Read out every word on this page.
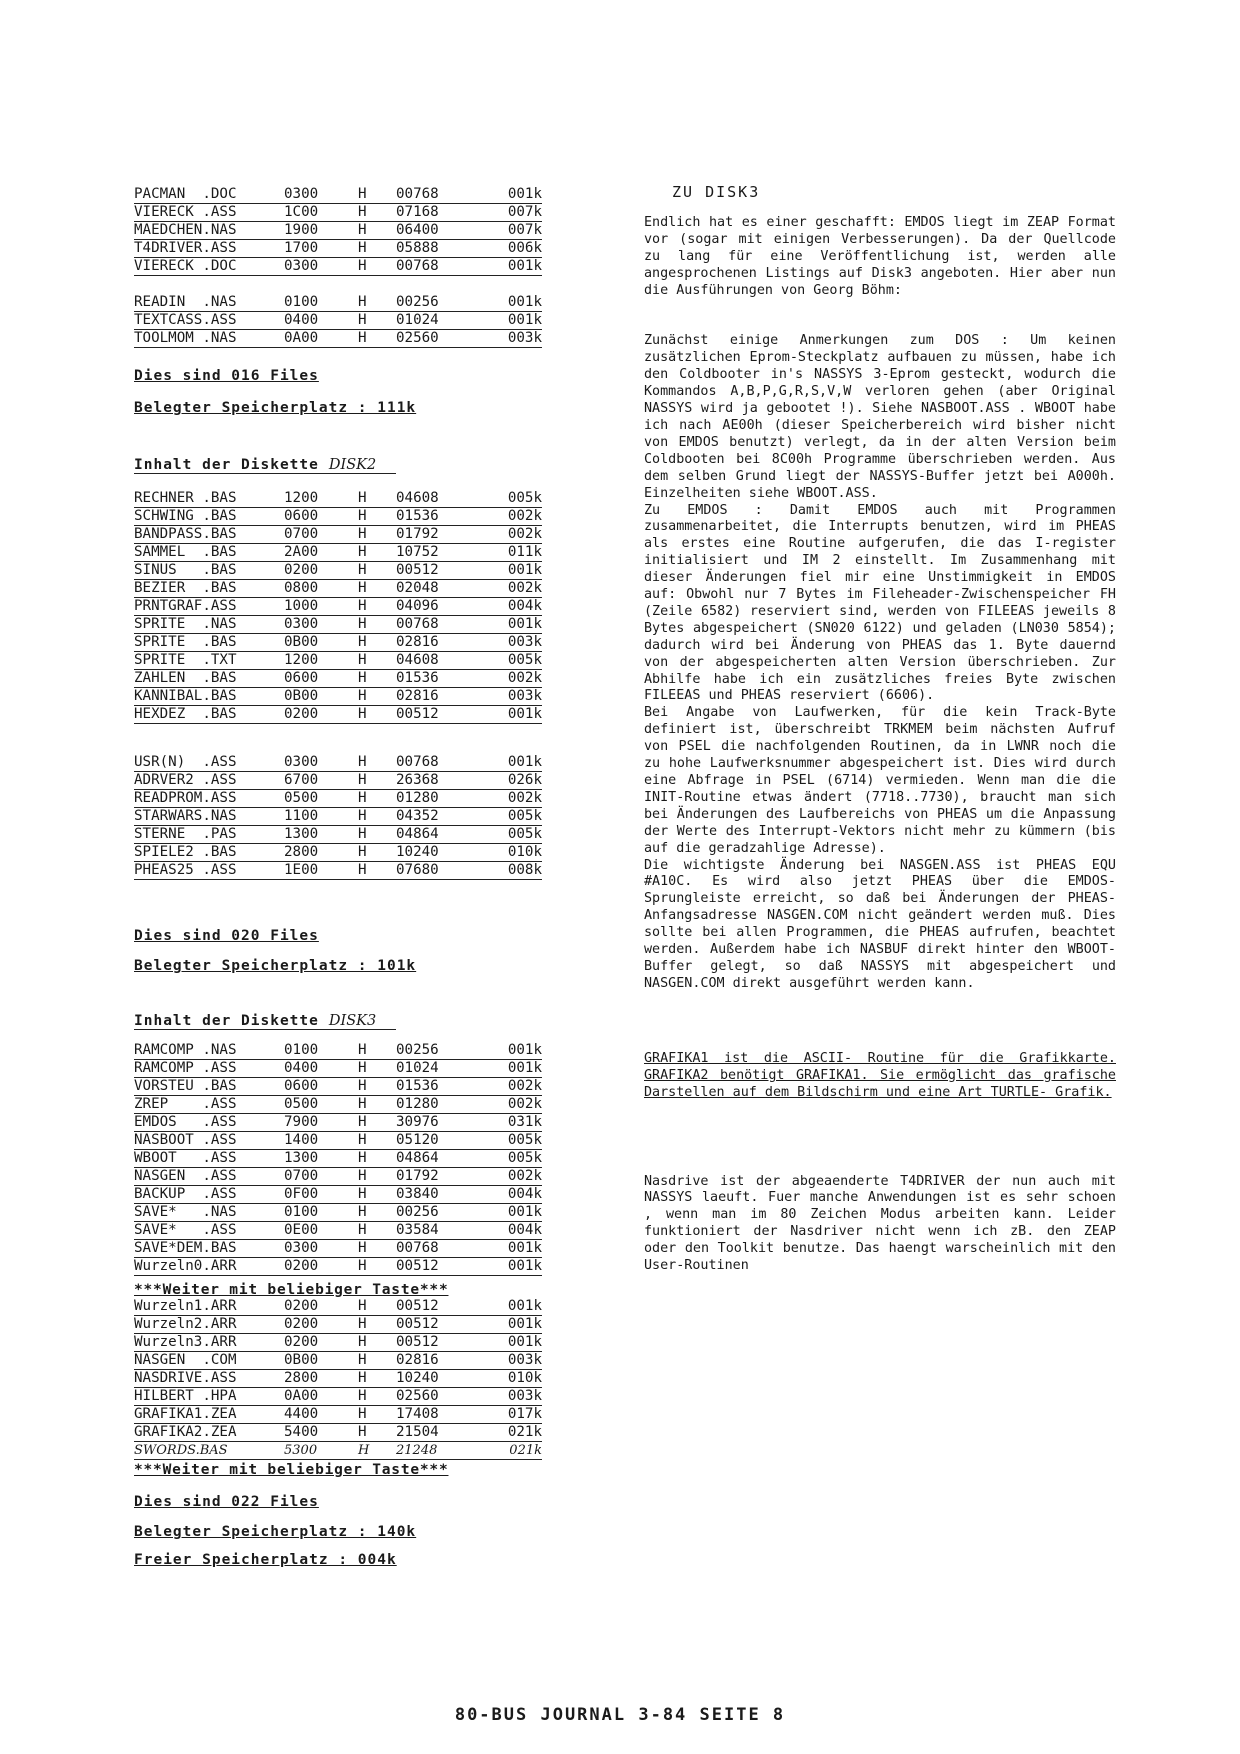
PACMAN  .DOC	0300	H	00768	001k
VIERECK .ASS	1C00	H	07168	007k
MAEDCHEN.NAS	1900	H	06400	007k
T4DRIVER.ASS	1700	H	05888	006k
VIERECK .DOC	0300	H	00768	001k
READIN  .NAS	0100	H	00256	001k
TEXTCASS.ASS	0400	H	01024	001k
TOOLMOM .NAS	0A00	H	02560	003k

Dies sind 016 Files

Belegter Speicherplatz : 111k

Inhalt der Diskette DISK2

RECHNER .BAS	1200	H	04608	005k
SCHWING .BAS	0600	H	01536	002k
BANDPASS.BAS	0700	H	01792	002k
SAMMEL  .BAS	2A00	H	10752	011k
SINUS   .BAS	0200	H	00512	001k
BEZIER  .BAS	0800	H	02048	002k
PRNTGRAF.ASS	1000	H	04096	004k
SPRITE  .NAS	0300	H	00768	001k
SPRITE  .BAS	0B00	H	02816	003k
SPRITE  .TXT	1200	H	04608	005k
ZAHLEN  .BAS	0600	H	01536	002k
KANNIBAL.BAS	0B00	H	02816	003k
HEXDEZ  .BAS	0200	H	00512	001k
USR(N)  .ASS	0300	H	00768	001k
ADRVER2 .ASS	6700	H	26368	026k
READPROM.ASS	0500	H	01280	002k
STARWARS.NAS	1100	H	04352	005k
STERNE  .PAS	1300	H	04864	005k
SPIELE2 .BAS	2800	H	10240	010k
PHEAS25 .ASS	1E00	H	07680	008k

Dies sind 020 Files

Belegter Speicherplatz : 101k

Inhalt der Diskette DISK3

RAMCOMP .NAS	0100	H	00256	001k
RAMCOMP .ASS	0400	H	01024	001k
VORSTEU .BAS	0600	H	01536	002k
ZREP    .ASS	0500	H	01280	002k
EMDOS   .ASS	7900	H	30976	031k
NASBOOT .ASS	1400	H	05120	005k
WBOOT   .ASS	1300	H	04864	005k
NASGEN  .ASS	0700	H	01792	002k
BACKUP  .ASS	0F00	H	03840	004k
SAVE*   .NAS	0100	H	00256	001k
SAVE*   .ASS	0E00	H	03584	004k
SAVE*DEM.BAS	0300	H	00768	001k
Wurzeln0.ARR	0200	H	00512	001k

***Weiter mit beliebiger Taste***

Wurzeln1.ARR	0200	H	00512	001k
Wurzeln2.ARR	0200	H	00512	001k
Wurzeln3.ARR	0200	H	00512	001k
NASGEN  .COM	0B00	H	02816	003k
NASDRIVE.ASS	2800	H	10240	010k
HILBERT .HPA	0A00	H	02560	003k
GRAFIKA1.ZEA	4400	H	17408	017k
GRAFIKA2.ZEA	5400	H	21504	021k
SWORDS.BAS	5300	H	21248	021k

***Weiter mit beliebiger Taste***

Dies sind 022 Files

Belegter Speicherplatz : 140k

Freier Speicherplatz : 004k

ZU DISK3

Endlich hat es einer geschafft: EMDOS liegt im ZEAP Format vor (sogar mit einigen Verbesserungen). Da der Quellcode zu lang für eine Veröffentlichung ist, werden alle angesprochenen Listings auf Disk3 angeboten. Hier aber nun die Ausführungen von Georg Böhm:

Zunächst einige Anmerkungen zum DOS : Um keinen zusätzlichen Eprom-Steckplatz aufbauen zu müssen, habe ich den Coldbooter in's NASSYS 3-Eprom gesteckt, wodurch die Kommandos A,B,P,G,R,S,V,W verloren gehen (aber Original NASSYS wird ja gebootet !). Siehe NASBOOT.ASS . WBOOT habe ich nach AE00h (dieser Speicherbereich wird bisher nicht von EMDOS benutzt) verlegt, da in der alten Version beim Coldbooten bei 8C00h Programme überschrieben werden. Aus dem selben Grund liegt der NASSYS-Buffer jetzt bei A000h. Einzelheiten siehe WBOOT.ASS.

Zu EMDOS : Damit EMDOS auch mit Programmen zusammenarbeitet, die Interrupts benutzen, wird im PHEAS als erstes eine Routine aufgerufen, die das I-register initialisiert und IM 2 einstellt. Im Zusammenhang mit dieser Änderungen fiel mir eine Unstimmigkeit in EMDOS auf: Obwohl nur 7 Bytes im Fileheader-Zwischenspeicher FH (Zeile 6582) reserviert sind, werden von FILEEAS jeweils 8 Bytes abgespeichert (SN020 6122) und geladen (LN030 5854); dadurch wird bei Änderung von PHEAS das 1. Byte dauernd von der abgespeicherten alten Version überschrieben. Zur Abhilfe habe ich ein zusätzliches freies Byte zwischen FILEEAS und PHEAS reserviert (6606).

Bei Angabe von Laufwerken, für die kein Track-Byte definiert ist, überschreibt TRKMEM beim nächsten Aufruf von PSEL die nachfolgenden Routinen, da in LWNR noch die zu hohe Laufwerksnummer abgespeichert ist. Dies wird durch eine Abfrage in PSEL (6714) vermieden. Wenn man die die INIT-Routine etwas ändert (7718..7730), braucht man sich bei Änderungen des Laufbereichs von PHEAS um die Anpassung der Werte des Interrupt-Vektors nicht mehr zu kümmern (bis auf die geradzahlige Adresse).

Die wichtigste Änderung bei NASGEN.ASS ist PHEAS EQU #A10C. Es wird also jetzt PHEAS über die EMDOS-Sprungleiste erreicht, so daß bei Änderungen der PHEAS-Anfangsadresse NASGEN.COM nicht geändert werden muß. Dies sollte bei allen Programmen, die PHEAS aufrufen, beachtet werden. Außerdem habe ich NASBUF direkt hinter den WBOOT-Buffer gelegt, so daß NASSYS mit abgespeichert und NASGEN.COM direkt ausgeführt werden kann.

GRAFIKA1 ist die ASCII- Routine für die Grafikkarte. GRAFIKA2 benötigt GRAFIKA1. Sie ermöglicht das grafische Darstellen auf dem Bildschirm und eine Art TURTLE- Grafik.

Nasdrive ist der abgeaenderte T4DRIVER der nun auch mit NASSYS laeuft. Fuer manche Anwendungen ist es sehr schoen , wenn man im 80 Zeichen Modus arbeiten kann. Leider funktioniert der Nasdriver nicht wenn ich zB. den ZEAP oder den Toolkit benutze. Das haengt warscheinlich mit den User-Routinen

80-BUS JOURNAL 3-84 SEITE 8
